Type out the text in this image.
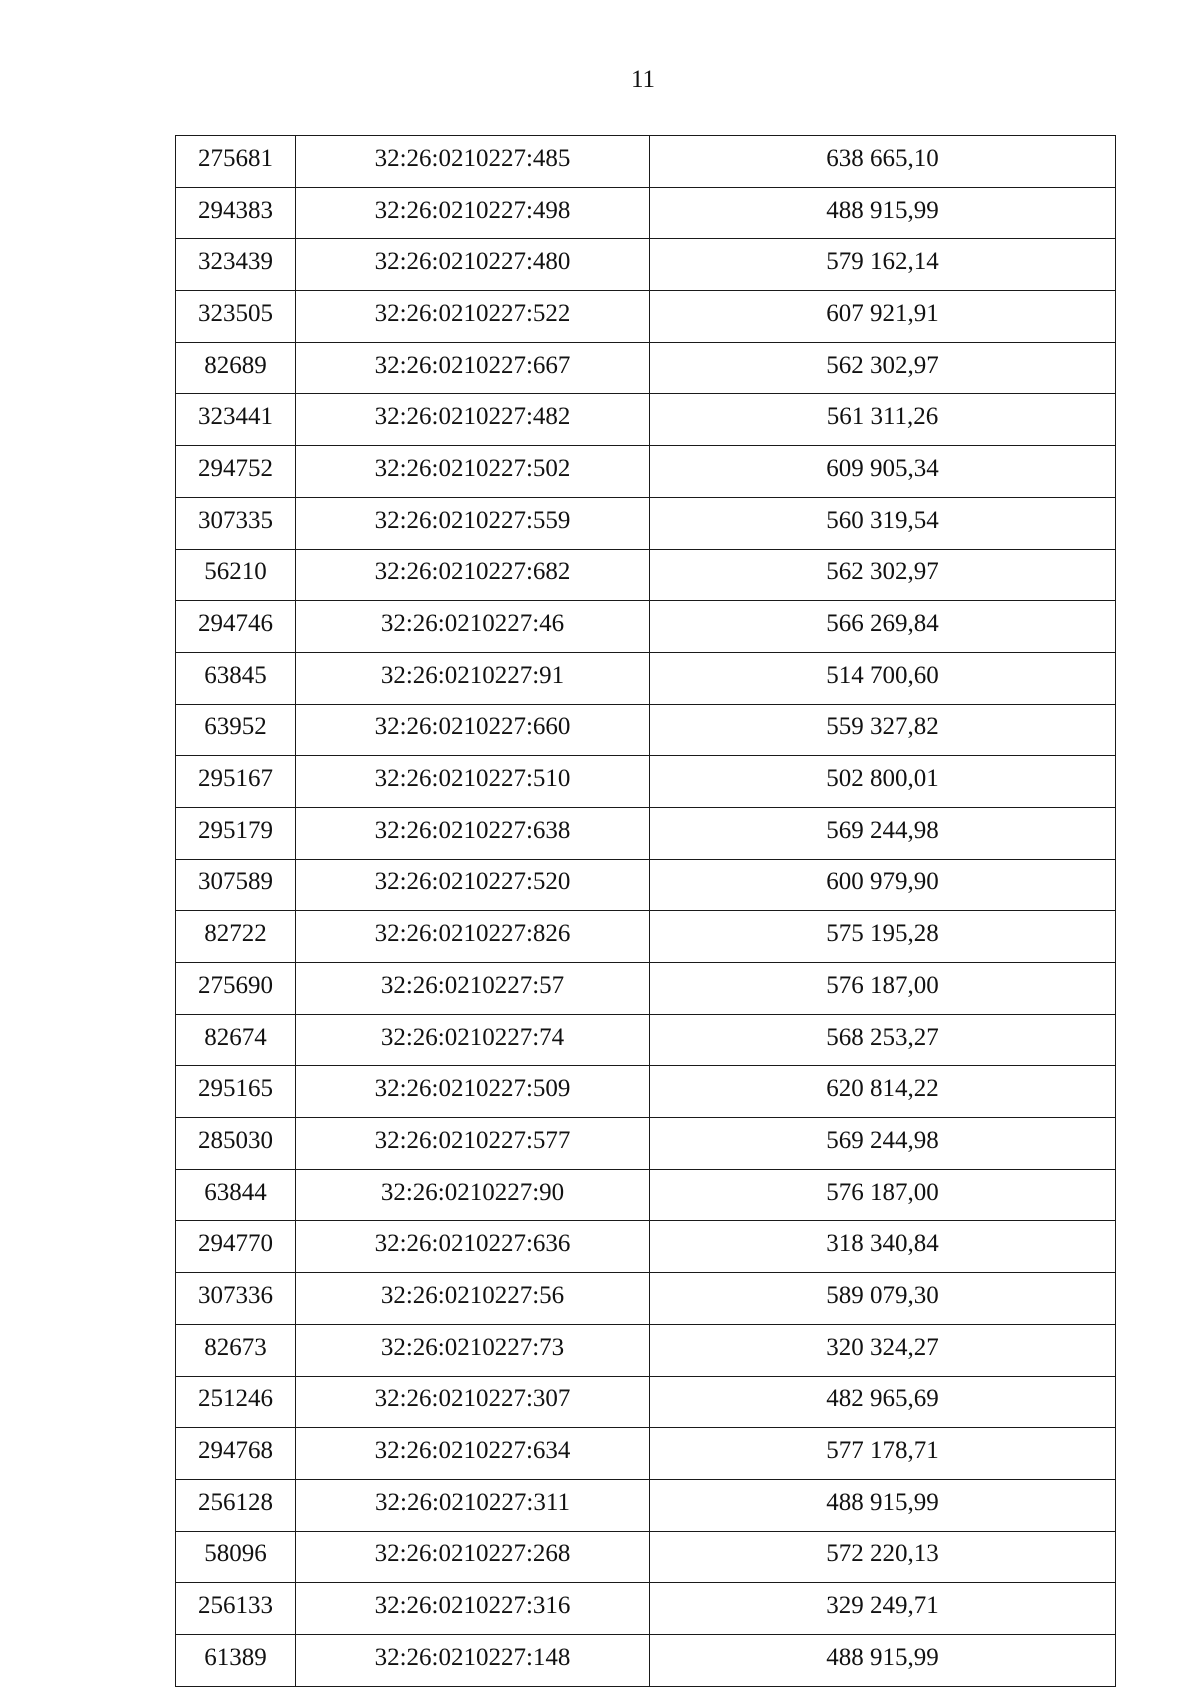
11
275681	32:26:0210227:485	638 665,10
294383	32:26:0210227:498	488 915,99
323439	32:26:0210227:480	579 162,14
323505	32:26:0210227:522	607 921,91
82689	32:26:0210227:667	562 302,97
323441	32:26:0210227:482	561 311,26
294752	32:26:0210227:502	609 905,34
307335	32:26:0210227:559	560 319,54
56210	32:26:0210227:682	562 302,97
294746	32:26:0210227:46	566 269,84
63845	32:26:0210227:91	514 700,60
63952	32:26:0210227:660	559 327,82
295167	32:26:0210227:510	502 800,01
295179	32:26:0210227:638	569 244,98
307589	32:26:0210227:520	600 979,90
82722	32:26:0210227:826	575 195,28
275690	32:26:0210227:57	576 187,00
82674	32:26:0210227:74	568 253,27
295165	32:26:0210227:509	620 814,22
285030	32:26:0210227:577	569 244,98
63844	32:26:0210227:90	576 187,00
294770	32:26:0210227:636	318 340,84
307336	32:26:0210227:56	589 079,30
82673	32:26:0210227:73	320 324,27
251246	32:26:0210227:307	482 965,69
294768	32:26:0210227:634	577 178,71
256128	32:26:0210227:311	488 915,99
58096	32:26:0210227:268	572 220,13
256133	32:26:0210227:316	329 249,71
61389	32:26:0210227:148	488 915,99
